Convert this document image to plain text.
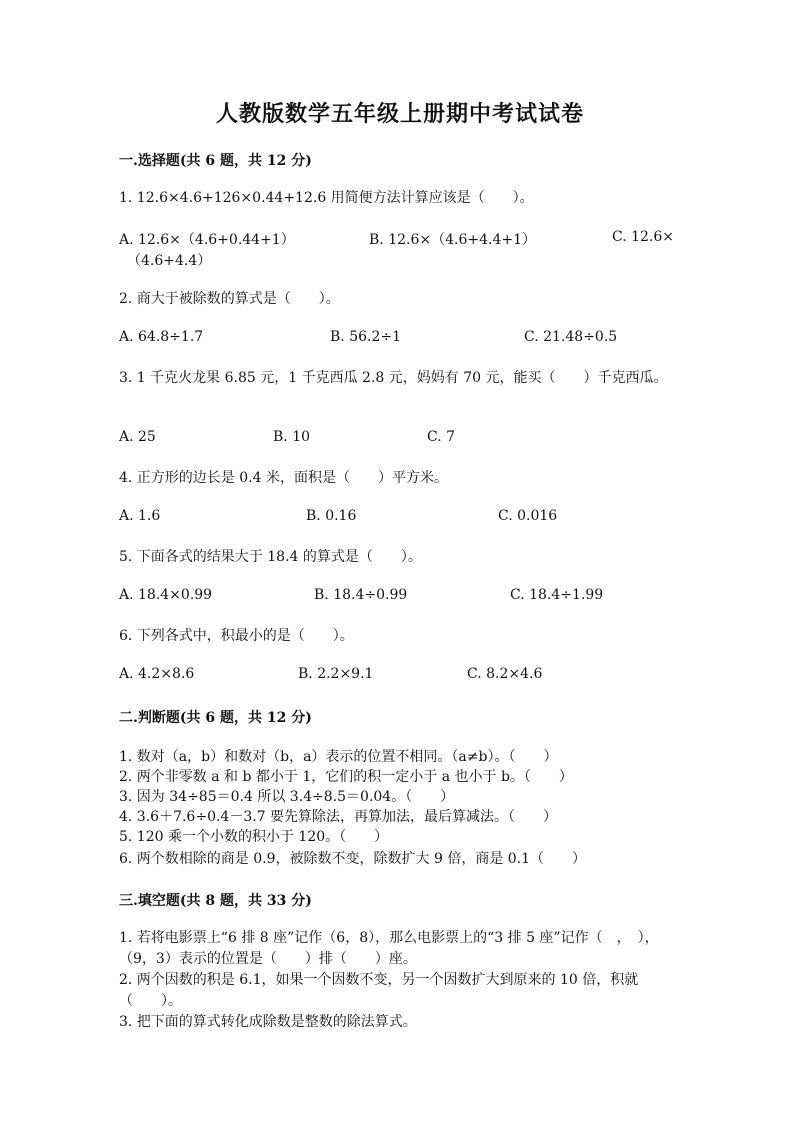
人教版数学五年级上册期中考试试卷
一.选择题(共 6 题，共 12 分)
1. 12.6×4.6+126×0.44+12.6 用简便方法计算应该是（　　）。
A. 12.6×（4.6+0.44+1）	B. 12.6×（4.6+4.4+1）	C. 12.6×
（4.6+4.4）
2. 商大于被除数的算式是（　　）。
A. 64.8÷1.7	B. 56.2÷1	C. 21.48÷0.5
3. 1 千克火龙果 6.85 元，1 千克西瓜 2.8 元，妈妈有 70 元，能买（　　）千克西瓜。
A. 25	B. 10	C. 7
4. 正方形的边长是 0.4 米，面积是（　　）平方米。
A. 1.6	B. 0.16	C. 0.016
5. 下面各式的结果大于 18.4 的算式是（　　）。
A. 18.4×0.99	B. 18.4÷0.99	C. 18.4÷1.99
6. 下列各式中，积最小的是（　　）。
A. 4.2×8.6	B. 2.2×9.1	C. 8.2×4.6
二.判断题(共 6 题，共 12 分)
1. 数对（a，b）和数对（b，a）表示的位置不相同。（a≠b）。（　　）
2. 两个非零数 a 和 b 都小于 1，它们的积一定小于 a 也小于 b。（　　）
3. 因为 34÷85＝0.4 所以 3.4÷8.5＝0.04。（　　）
4. 3.6＋7.6÷0.4－3.7 要先算除法，再算加法，最后算减法。（　　）
5. 120 乘一个小数的积小于 120。（　　）
6. 两个数相除的商是 0.9，被除数不变，除数扩大 9 倍，商是 0.1（　　）
三.填空题(共 8 题，共 33 分)
1. 若将电影票上“6 排 8 座”记作（6，8），那么电影票上的“3 排 5 座”记作（　，　），（9，3）表示的位置是（　　）排（　　）座。
2. 两个因数的积是 6.1，如果一个因数不变，另一个因数扩大到原来的 10 倍，积就（　　）。
3. 把下面的算式转化成除数是整数的除法算式。
